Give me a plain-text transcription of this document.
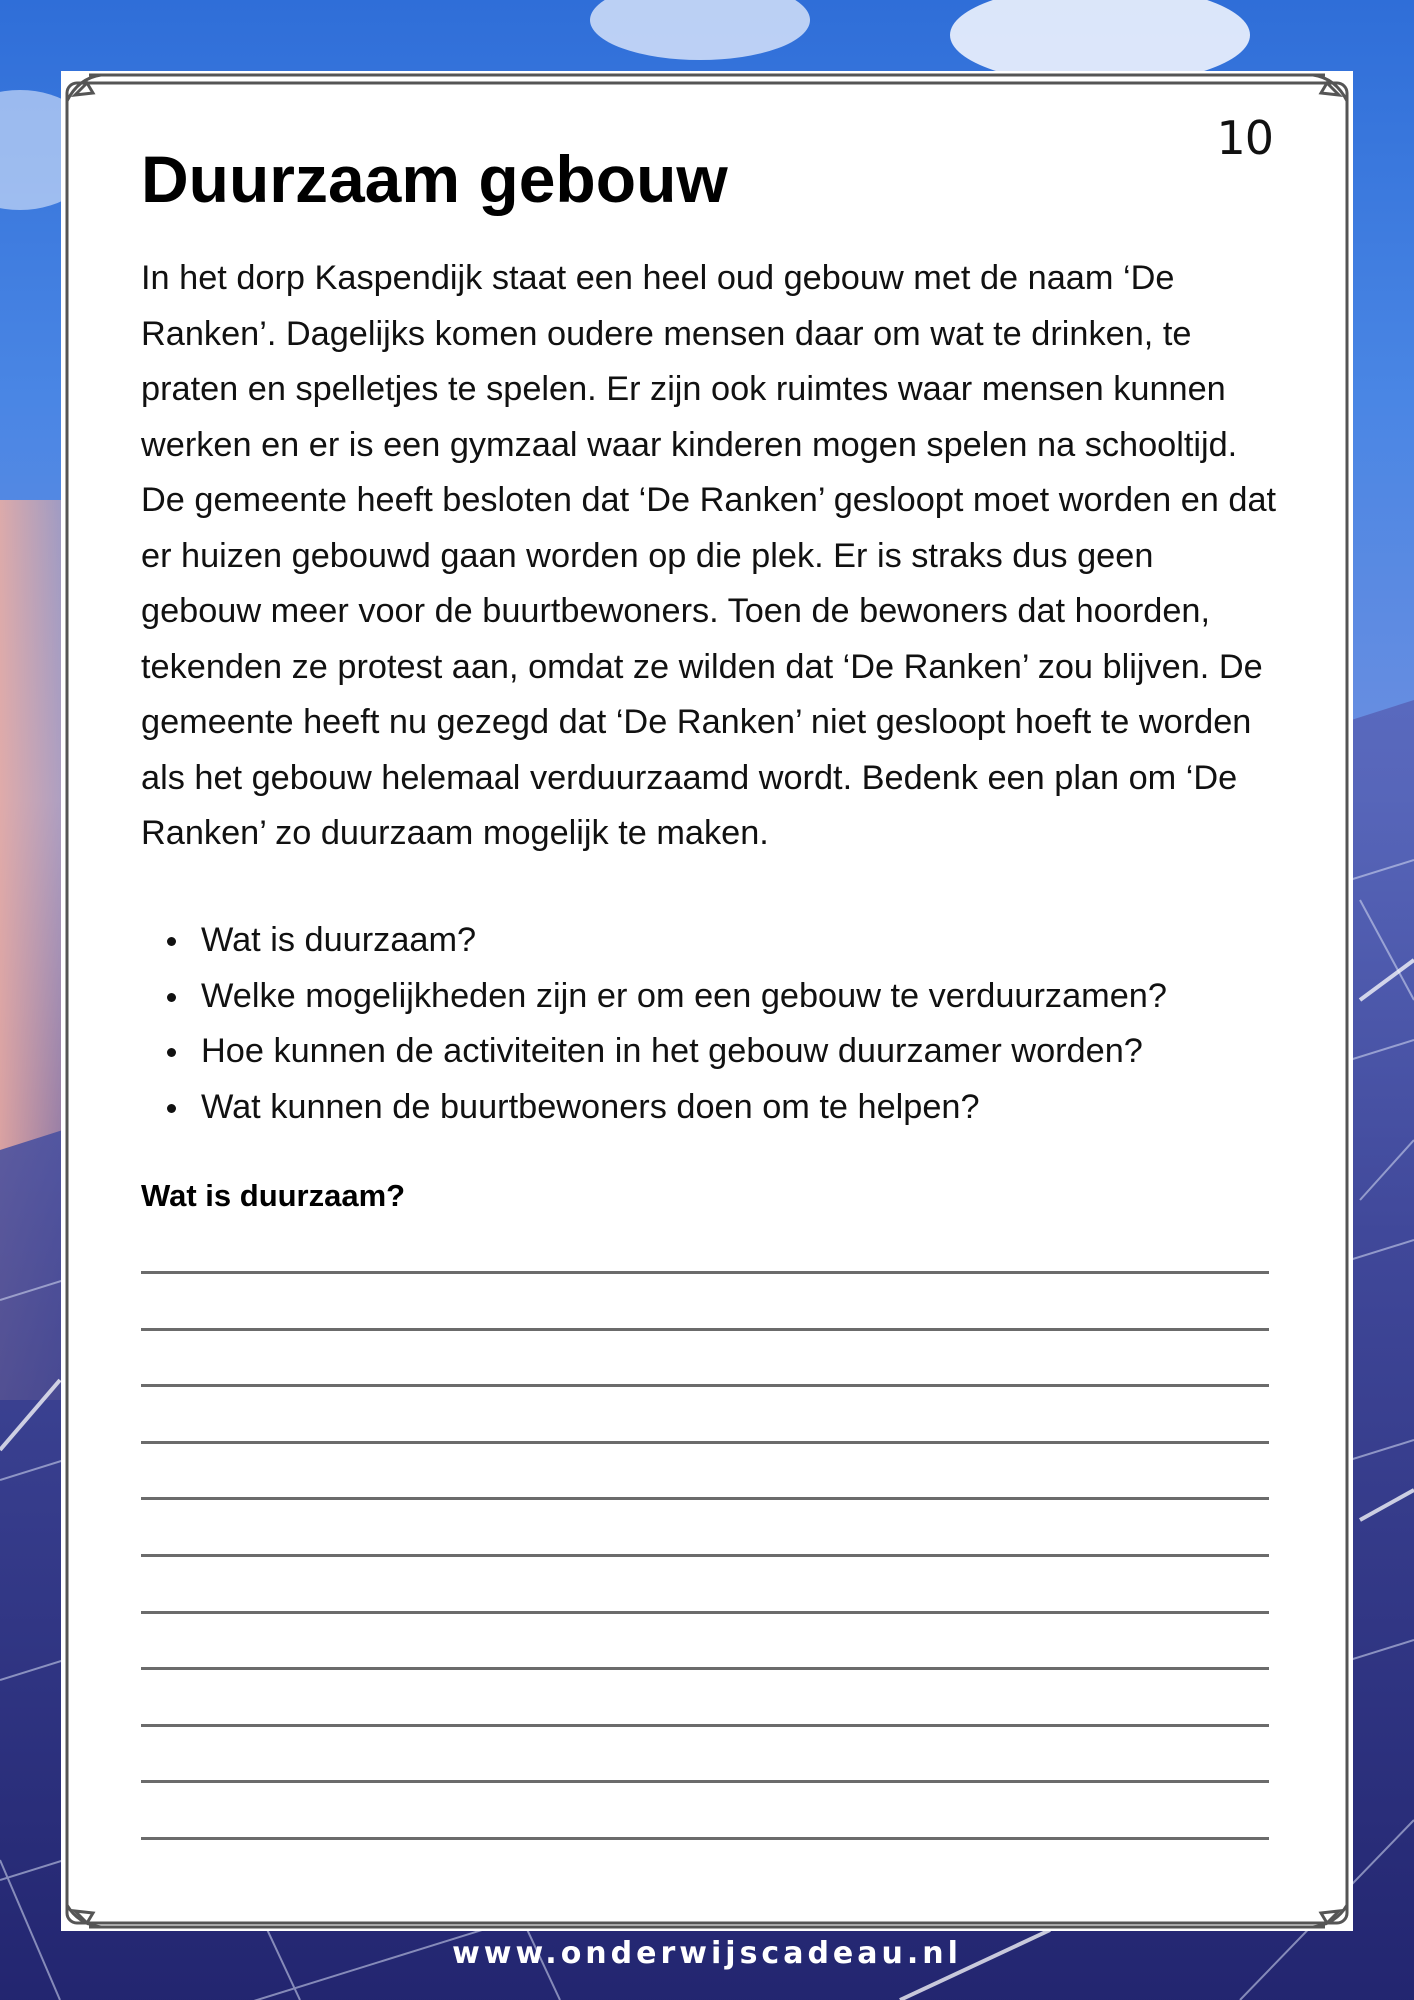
10
Duurzaam gebouw

In het dorp Kaspendijk staat een heel oud gebouw met de naam ‘De Ranken’. Dagelijks komen oudere mensen daar om wat te drinken, te praten en spelletjes te spelen. Er zijn ook ruimtes waar mensen kunnen werken en er is een gymzaal waar kinderen mogen spelen na schooltijd. De gemeente heeft besloten dat ‘De Ranken’ gesloopt moet worden en dat er huizen gebouwd gaan worden op die plek. Er is straks dus geen gebouw meer voor de buurtbewoners. Toen de bewoners dat hoorden, tekenden ze protest aan, omdat ze wilden dat ‘De Ranken’ zou blijven. De gemeente heeft nu gezegd dat ‘De Ranken’ niet gesloopt hoeft te worden als het gebouw helemaal verduurzaamd wordt. Bedenk een plan om ‘De Ranken’ zo duurzaam mogelijk te maken.

Wat is duurzaam?
Welke mogelijkheden zijn er om een gebouw te verduurzamen?
Hoe kunnen de activiteiten in het gebouw duurzamer worden?
Wat kunnen de buurtbewoners doen om te helpen?
Wat is duurzaam?
www.onderwijscadeau.nl
